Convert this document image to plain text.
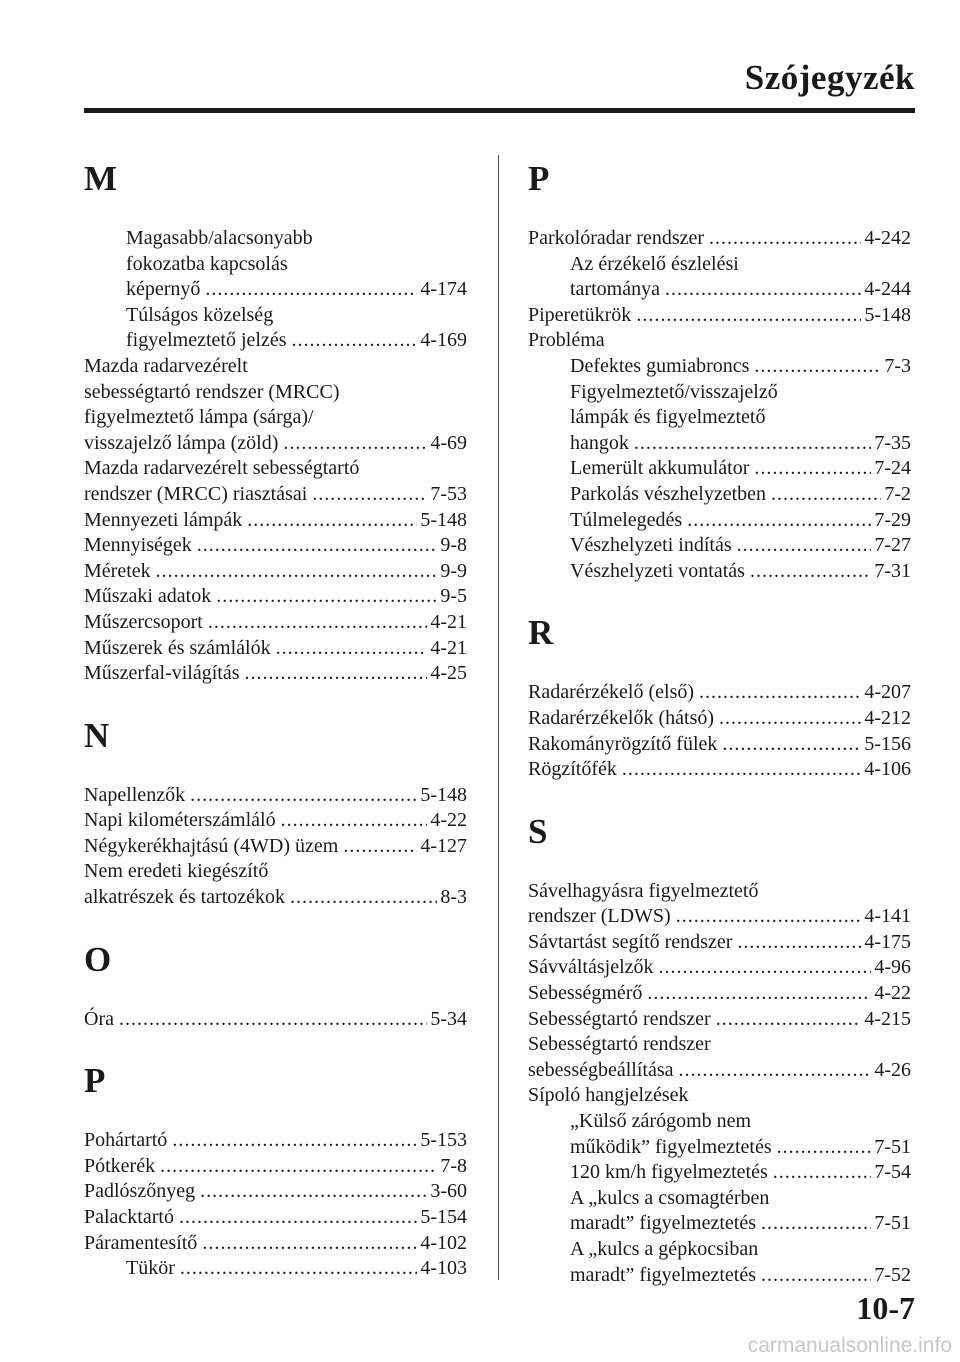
Szójegyzék
M
Magasabb/alacsonyabb
fokozatba kapcsolás
képernyő .....	4-174
Túlságos közelség
figyelmeztető jelzés .....	4-169
Mazda radarvezérelt
sebességtartó rendszer (MRCC)
figyelmeztető lámpa (sárga)/
visszajelző lámpa (zöld) .....	4-69
Mazda radarvezérelt sebességtartó
rendszer (MRCC) riasztásai .....	7-53
Mennyezeti lámpák .....	5-148
Mennyiségek .....	9-8
Méretek .....	9-9
Műszaki adatok .....	9-5
Műszercsoport .....	4-21
Műszerek és számlálók .....	4-21
Műszerfal-világítás .....	4-25
N
Napellenzők .....	5-148
Napi kilométerszámláló .....	4-22
Négykerékhajtású (4WD) üzem .....	4-127
Nem eredeti kiegészítő
alkatrészek és tartozékok .....	8-3
O
Óra .....	5-34
P
Pohártartó .....	5-153
Pótkerék .....	7-8
Padlószőnyeg .....	3-60
Palacktartó .....	5-154
Páramentesítő .....	4-102
Tükör .....	4-103
P
Parkolóradar rendszer .....	4-242
Az érzékelő észlelési
tartománya .....	4-244
Piperetükrök .....	5-148
Probléma
Defektes gumiabroncs .....	7-3
Figyelmeztető/visszajelző
lámpák és figyelmeztető
hangok .....	7-35
Lemerült akkumulátor .....	7-24
Parkolás vészhelyzetben .....	7-2
Túlmelegedés .....	7-29
Vészhelyzeti indítás .....	7-27
Vészhelyzeti vontatás .....	7-31
R
Radarérzékelő (első) .....	4-207
Radarérzékelők (hátsó) .....	4-212
Rakományrögzítő fülek .....	5-156
Rögzítőfék .....	4-106
S
Sávelhagyásra figyelmeztető
rendszer (LDWS) .....	4-141
Sávtartást segítő rendszer .....	4-175
Sávváltásjelzők .....	4-96
Sebességmérő .....	4-22
Sebességtartó rendszer .....	4-215
Sebességtartó rendszer
sebességbeállítása .....	4-26
Sípoló hangjelzések
„Külső zárógomb nem
működik” figyelmeztetés .....	7-51
120 km/h figyelmeztetés .....	7-54
A „kulcs a csomagtérben
maradt” figyelmeztetés .....	7-51
A „kulcs a gépkocsiban
maradt” figyelmeztetés .....	7-52
10-7
carmanualsonline.info
